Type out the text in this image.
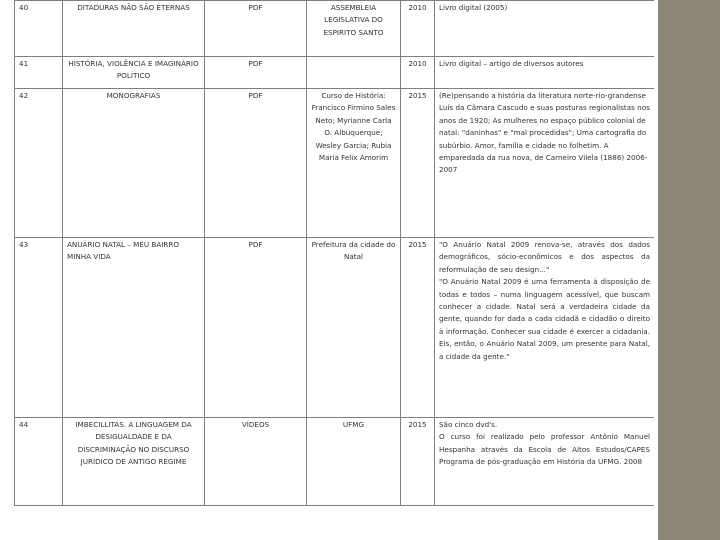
40	DITADURAS NÃO SÃO ETERNAS	PDF	ASSEMBLEIA LEGISLATIVA DO ESPIRITO SANTO	2010	Livro digital (2005)

41	HISTÓRIA, VIOLÊNCIA E IMAGINÁRIO POLÍTICO	PDF		2010	Livro digital – artigo de diversos autores

42	MONOGRAFIAS	PDF	Curso de História: Francisco Firmino Sales Neto; Myrianne Carla O. Albuquerque; Wesley Garcia; Rubia Maria Felix Amorim	2015	(Re)pensando a história da literatura norte-rio-grandense Luís da Câmara Cascudo e suas posturas regionalistas nos anos de 1920; As mulheres no espaço público colonial de natal: "daninhas" e "mal procedidas"; Uma cartografia do subúrbio. Amor, família e cidade no folhetim. A emparedada da rua nova, de Carneiro Vilela (1886) 2006-2007

43	ANUÁRIO NATAL – MEU BAIRRO MINHA VIDA	PDF	Prefeitura da cidade do Natal	2015	"O Anuário Natal 2009 renova-se, através dos dados demográficos, sócio-econômicos e dos aspectos da reformulação de seu design..."
"O Anuário Natal 2009 é uma ferramenta à disposição de todas e todos – numa linguagem acessível, que buscam conhecer a cidade. Natal será a verdadeira cidade da gente, quando for dada a cada cidadã e cidadão o direito à informação. Conhecer sua cidade é exercer a cidadania. Eis, então, o Anuário Natal 2009, um presente para Natal, a cidade da gente."

44	IMBECILLITAS. A LINGUAGEM DA DESIGUALDADE E DA DISCRIMINAÇÃO NO DISCURSO JURÍDICO DE ANTIGO REGIME	VÍDEOS	UFMG	2015	São cinco dvd's.
O curso foi realizado pelo professor Antônio Manuel Hespanha através da Escola de Altos Estudos/CAPES Programa de pós-graduação em História da UFMG. 2008
